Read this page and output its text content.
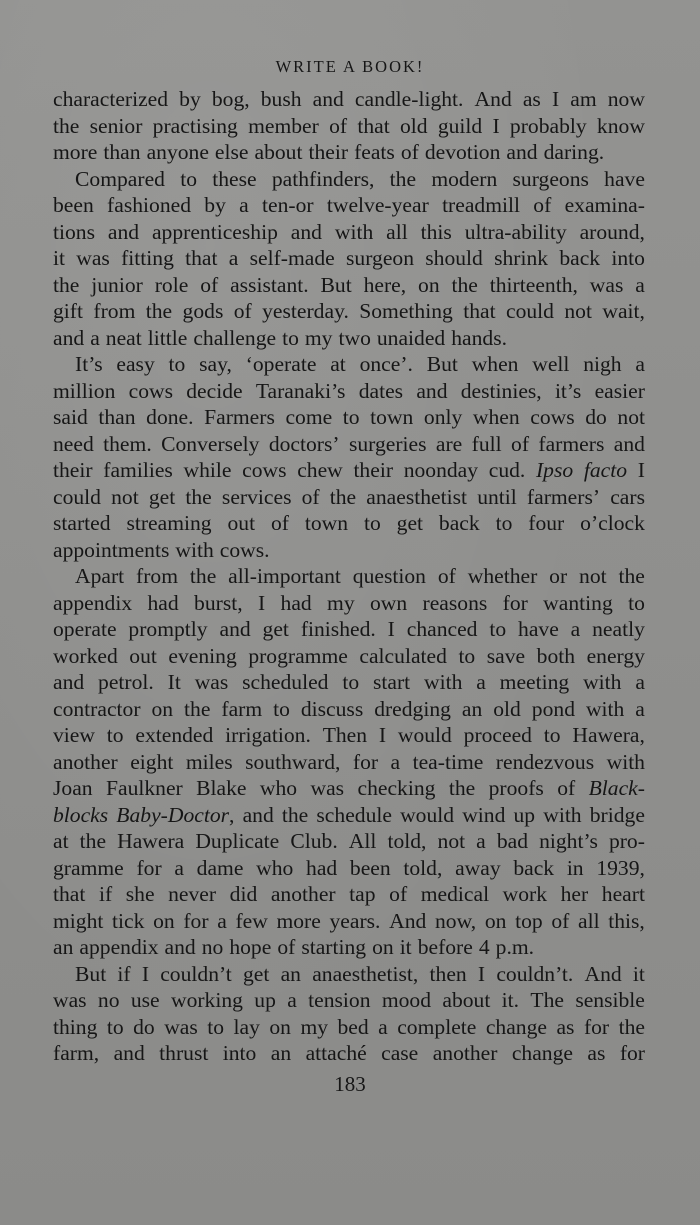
WRITE A BOOK!
characterized by bog, bush and candle-light. And as I am now
the senior practising member of that old guild I probably know
more than anyone else about their feats of devotion and daring.
Compared to these pathfinders, the modern surgeons have
been fashioned by a ten-or twelve-year treadmill of examina-
tions and apprenticeship and with all this ultra-ability around,
it was fitting that a self-made surgeon should shrink back into
the junior role of assistant. But here, on the thirteenth, was a
gift from the gods of yesterday. Something that could not wait,
and a neat little challenge to my two unaided hands.
It’s easy to say, ‘operate at once’. But when well nigh a
million cows decide Taranaki’s dates and destinies, it’s easier
said than done. Farmers come to town only when cows do not
need them. Conversely doctors’ surgeries are full of farmers and
their families while cows chew their noonday cud. Ipso facto I
could not get the services of the anaesthetist until farmers’ cars
started streaming out of town to get back to four o’clock
appointments with cows.
Apart from the all-important question of whether or not the
appendix had burst, I had my own reasons for wanting to
operate promptly and get finished. I chanced to have a neatly
worked out evening programme calculated to save both energy
and petrol. It was scheduled to start with a meeting with a
contractor on the farm to discuss dredging an old pond with a
view to extended irrigation. Then I would proceed to Hawera,
another eight miles southward, for a tea-time rendezvous with
Joan Faulkner Blake who was checking the proofs of Black-
blocks Baby-Doctor, and the schedule would wind up with bridge
at the Hawera Duplicate Club. All told, not a bad night’s pro-
gramme for a dame who had been told, away back in 1939,
that if she never did another tap of medical work her heart
might tick on for a few more years. And now, on top of all this,
an appendix and no hope of starting on it before 4 p.m.
But if I couldn’t get an anaesthetist, then I couldn’t. And it
was no use working up a tension mood about it. The sensible
thing to do was to lay on my bed a complete change as for the
farm, and thrust into an attaché case another change as for
183
